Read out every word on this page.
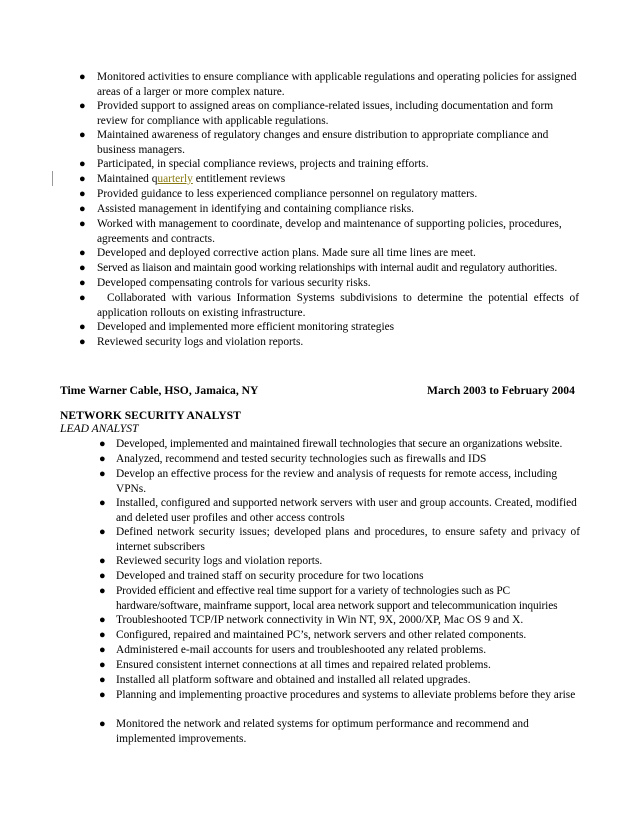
● Monitored activities to ensure compliance with applicable regulations and operating policies for assigned areas of a larger or more complex nature.
● Provided support to assigned areas on compliance-related issues, including documentation and form review for compliance with applicable regulations.
● Maintained awareness of regulatory changes and ensure distribution to appropriate compliance and business managers.
● Participated, in special compliance reviews, projects and training efforts.
● Maintained quarterly entitlement reviews
● Provided guidance to less experienced compliance personnel on regulatory matters.
● Assisted management in identifying and containing compliance risks.
● Worked with management to coordinate, develop and maintenance of supporting policies, procedures, agreements and contracts.
● Developed and deployed corrective action plans. Made sure all time lines are meet.
● Served as liaison and maintain good working relationships with internal audit and regulatory authorities.
● Developed compensating controls for various security risks.
●	Collaborated with various Information Systems subdivisions to determine the potential effects of application rollouts on existing infrastructure.
● Developed and implemented more efficient monitoring strategies
● Reviewed security logs and violation reports.
Time Warner Cable, HSO, Jamaica, NY	March 2003 to February 2004
NETWORK SECURITY ANALYST
LEAD ANALYST
● Developed, implemented and maintained firewall technologies that secure an organizations website.
● Analyzed, recommend and tested security technologies such as firewalls and IDS
● Develop an effective process for the review and analysis of requests for remote access, including VPNs.
● Installed, configured and supported network servers with user and group accounts. Created, modified and deleted user profiles and other access controls
● Defined network security issues; developed plans and procedures, to ensure safety and privacy of internet subscribers
● Reviewed security logs and violation reports.
● Developed and trained staff on security procedure for two locations
● Provided efficient and effective real time support for a variety of technologies such as PC hardware/software, mainframe support, local area network support and telecommunication inquiries
● Troubleshooted TCP/IP network connectivity in Win NT, 9X, 2000/XP, Mac OS 9 and X.
● Configured, repaired and maintained PC’s, network servers and other related components.
● Administered e-mail accounts for users and troubleshooted any related problems.
● Ensured consistent internet connections at all times and repaired related problems.
● Installed all platform software and obtained and installed all related upgrades.
● Planning and implementing proactive procedures and systems to alleviate problems before they arise
● Monitored the network and related systems for optimum performance and recommend and implemented improvements.
